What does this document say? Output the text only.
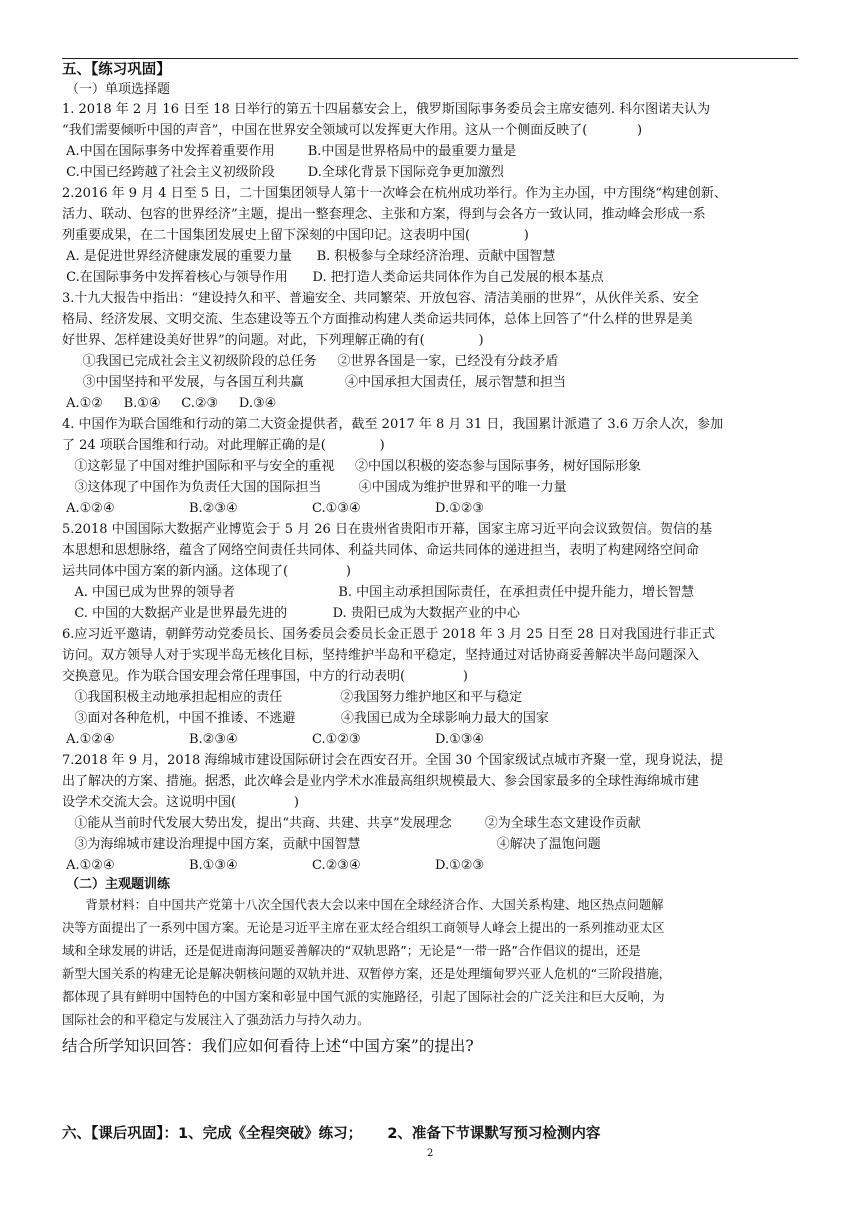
五、【练习巩固】
（一）单项选择题
1. 2018 年 2 月 16 日至 18 日举行的第五十四届慕安会上，俄罗斯国际事务委员会主席安德列. 科尔图诺夫认为
“我们需要倾听中国的声音”，中国在世界安全领域可以发挥更大作用。这从一个侧面反映了(            )
A.中国在国际事务中发挥着重要作用        B.中国是世界格局中的最重要力量是
C.中国已经跨越了社会主义初级阶段        D.全球化背景下国际竞争更加激烈
2.2016 年 9 月 4 日至 5 日，二十国集团领导人第十一次峰会在杭州成功举行。作为主办国，中方围绕“构建创新、
活力、联动、包容的世界经济”主题，提出一整套理念、主张和方案，得到与会各方一致认同，推动峰会形成一系
列重要成果，在二十国集团发展史上留下深刻的中国印记。这表明中国(             )
A. 是促进世界经济健康发展的重要力量      B. 积极参与全球经济治理、贡献中国智慧
C.在国际事务中发挥着核心与领导作用      D. 把打造人类命运共同体作为自己发展的根本基点
3.十九大报告中指出：“建设持久和平、普遍安全、共同繁荣、开放包容、清洁美丽的世界”，从伙伴关系、安全
格局、经济发展、文明交流、生态建设等五个方面推动构建人类命运共同体，总体上回答了“什么样的世界是美
好世界、怎样建设美好世界”的问题。对此，下列理解正确的有(             )
①我国已完成社会主义初级阶段的总任务     ②世界各国是一家，已经没有分歧矛盾
③中国坚持和平发展，与各国互利共赢          ④中国承担大国责任，展示智慧和担当
A.①②     B.①④     C.②③     D.③④
4. 中国作为联合国维和行动的第二大资金提供者，截至 2017 年 8 月 31 日，我国累计派遣了 3.6 万余人次，参加
了 24 项联合国维和行动。对此理解正确的是(             )
①这彰显了中国对维护国际和平与安全的重视     ②中国以积极的姿态参与国际事务，树好国际形象
③这体现了中国作为负责任大国的国际担当         ④中国成为维护世界和平的唯一力量
A.①②④                  B.②③④                  C.①③④                  D.①②③
5.2018 中国国际大数据产业博览会于 5 月 26 日在贵州省贵阳市开幕，国家主席习近平向会议致贺信。贺信的基
本思想和思想脉络，蕴含了网络空间责任共同体、利益共同体、命运共同体的递进担当，表明了构建网络空间命
运共同体中国方案的新内涵。这体现了(              )
A. 中国已成为世界的领导者                         B. 中国主动承担国际责任，在承担责任中提升能力，增长智慧
C. 中国的大数据产业是世界最先进的           D. 贵阳已成为大数据产业的中心
6.应习近平邀请，朝鲜劳动党委员长、国务委员会委员长金正恩于 2018 年 3 月 25 日至 28 日对我国进行非正式
访问。双方领导人对于实现半岛无核化目标，坚持维护半岛和平稳定，坚持通过对话协商妥善解决半岛问题深入
交换意见。作为联合国安理会常任理事国，中方的行动表明(              )
①我国积极主动地承担起相应的责任              ②我国努力维护地区和平与稳定
③面对各种危机，中国不推诿、不逃避           ④我国已成为全球影响力最大的国家
A.①②④                  B.②③④                  C.①②③                  D.①③④
7.2018 年 9 月，2018 海绵城市建设国际研讨会在西安召开。全国 30 个国家级试点城市齐聚一堂，现身说法，提
出了解决的方案、措施。据悉，此次峰会是业内学术水准最高组织规模最大、参会国家最多的全球性海绵城市建
设学术交流大会。这说明中国(              )
①能从当前时代发展大势出发，提出“共商、共建、共享”发展理念        ②为全球生态文建设作贡献
③为海绵城市建设治理提中国方案，贡献中国智慧                                 ④解决了温饱问题
A.①②④                  B.①③④                  C.②③④                  D.①②③
（二）主观题训练
背景材料：自中国共产党第十八次全国代表大会以来中国在全球经济合作、大国关系构建、地区热点问题解
决等方面提出了一系列中国方案。无论是习近平主席在亚太经合组织工商领导人峰会上提出的一系列推动亚太区
域和全球发展的讲话，还是促进南海问题妥善解决的“双轨思路”；无论是“一带一路”合作倡议的提出，还是
新型大国关系的构建无论是解决朝核问题的双轨并进、双暂停方案，还是处理缅甸罗兴亚人危机的“三阶段措施，
都体现了具有鲜明中国特色的中国方案和彰显中国气派的实施路径，引起了国际社会的广泛关注和巨大反响，为
国际社会的和平稳定与发展注入了强劲活力与持久动力。
结合所学知识回答：我们应如何看待上述“中国方案”的提出?
六、【课后巩固】：1、完成《全程突破》练习；     2、准备下节课默写预习检测内容
2
